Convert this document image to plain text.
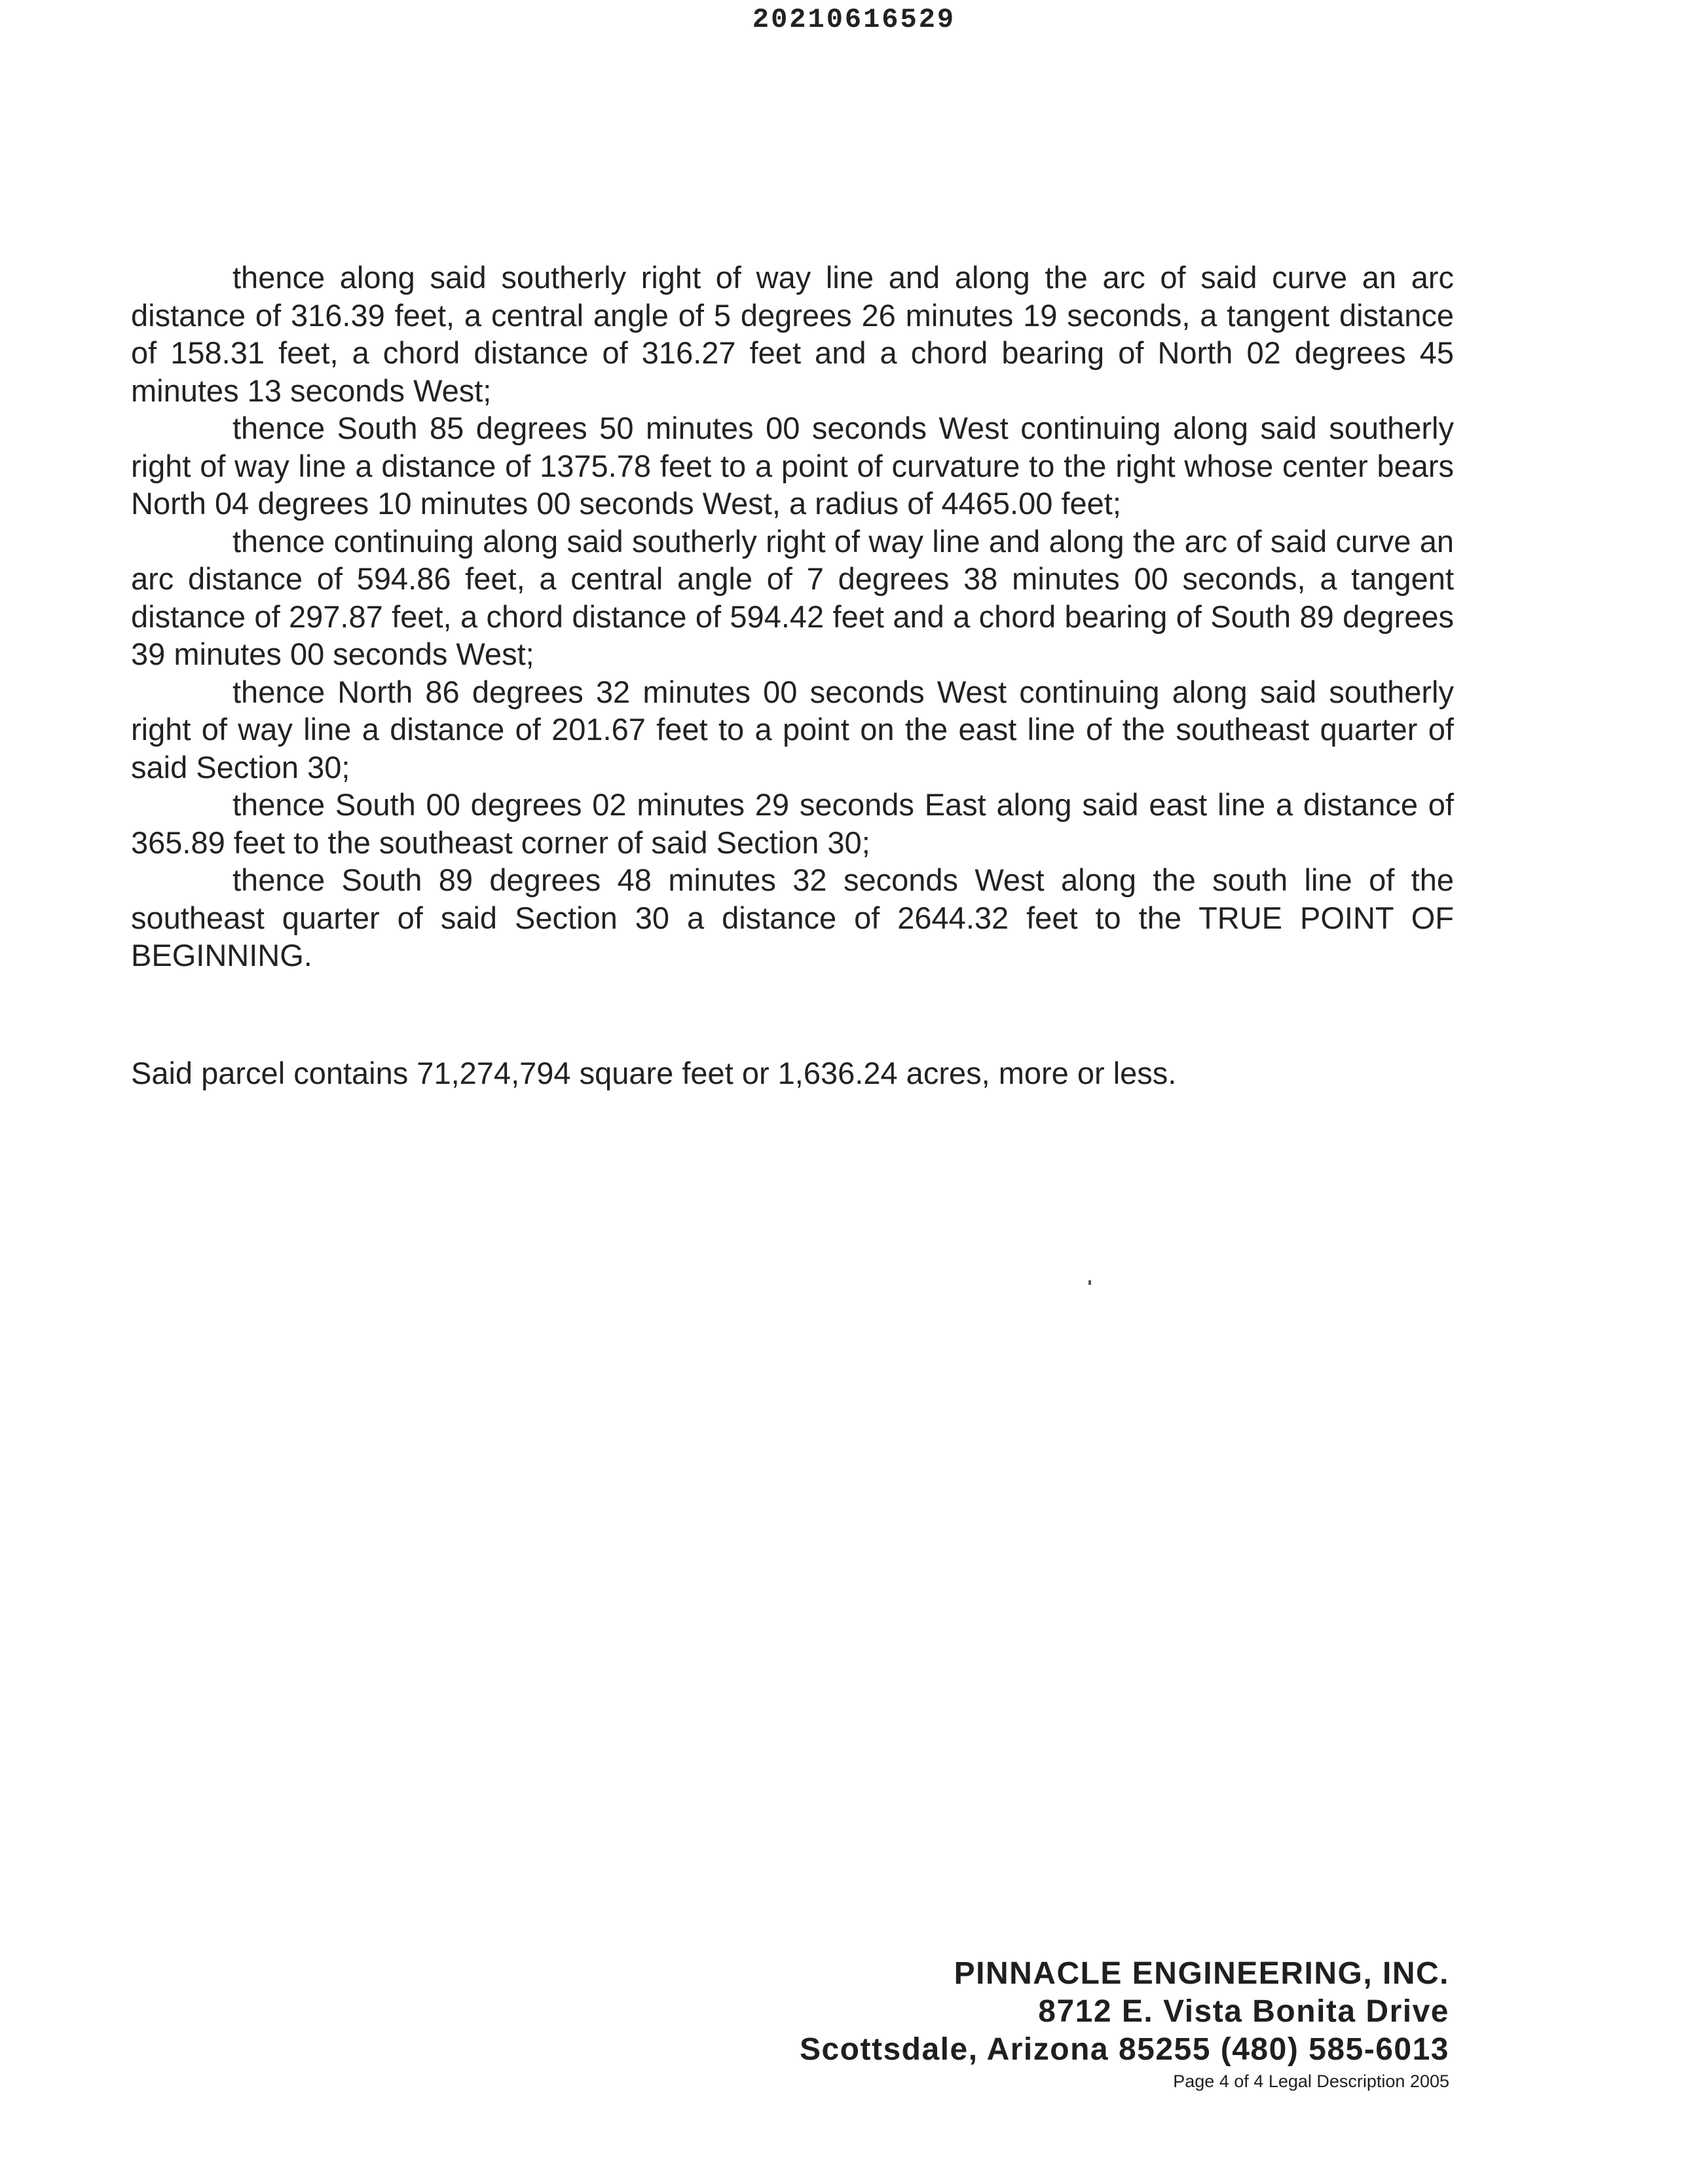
20210616529

thence along said southerly right of way line and along the arc of said curve an arc distance of 316.39 feet, a central angle of 5 degrees 26 minutes 19 seconds, a tangent distance of 158.31 feet, a chord distance of 316.27 feet and a chord bearing of North 02 degrees 45 minutes 13 seconds West;

thence South 85 degrees 50 minutes 00 seconds West continuing along said southerly right of way line a distance of 1375.78 feet to a point of curvature to the right whose center bears North 04 degrees 10 minutes 00 seconds West, a radius of 4465.00 feet;

thence continuing along said southerly right of way line and along the arc of said curve an arc distance of 594.86 feet, a central angle of 7 degrees 38 minutes 00 seconds, a tangent distance of 297.87 feet, a chord distance of 594.42 feet and a chord bearing of South 89 degrees 39 minutes 00 seconds West;

thence North 86 degrees 32 minutes 00 seconds West continuing along said southerly right of way line a distance of 201.67 feet to a point on the east line of the southeast quarter of said Section 30;

thence South 00 degrees 02 minutes 29 seconds East along said east line a distance of 365.89 feet to the southeast corner of said Section 30;

thence South 89 degrees 48 minutes 32 seconds West along the south line of the southeast quarter of said Section 30 a distance of 2644.32 feet to the TRUE POINT OF BEGINNING.

Said parcel contains 71,274,794 square feet or 1,636.24 acres, more or less.
PINNACLE ENGINEERING, INC.
8712 E. Vista Bonita Drive
Scottsdale, Arizona 85255 (480) 585-6013
Page 4 of 4 Legal Description 2005
